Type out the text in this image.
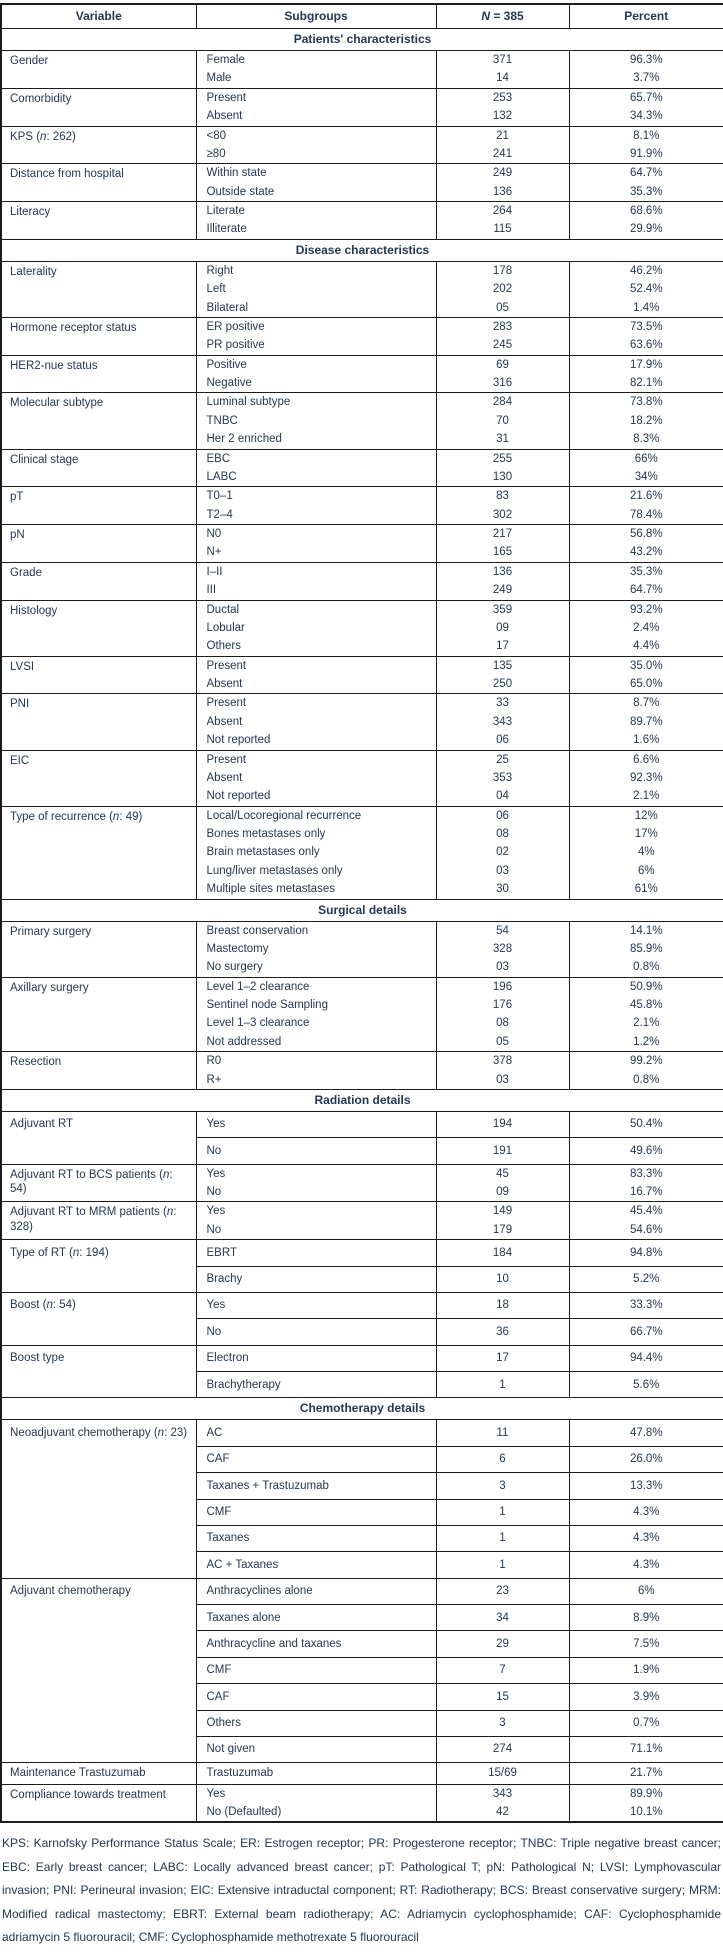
Variable	Subgroups	N = 385	Percent
Patients' characteristics			
Gender	Female	371	96.3%
	Male	14	3.7%
Comorbidity	Present	253	65.7%
	Absent	132	34.3%
KPS (n: 262)	<80	21	8.1%
	≥80	241	91.9%
Distance from hospital	Within state	249	64.7%
	Outside state	136	35.3%
Literacy	Literate	264	68.6%
	Illiterate	115	29.9%
Disease characteristics			
Laterality	Right	178	46.2%
	Left	202	52.4%
	Bilateral	05	1.4%
Hormone receptor status	ER positive	283	73.5%
	PR positive	245	63.6%
HER2-nue status	Positive	69	17.9%
	Negative	316	82.1%
Molecular subtype	Luminal subtype	284	73.8%
	TNBC	70	18.2%
	Her 2 enriched	31	8.3%
Clinical stage	EBC	255	66%
	LABC	130	34%
pT	T0–1	83	21.6%
	T2–4	302	78.4%
pN	N0	217	56.8%
	N+	165	43.2%
Grade	I–II	136	35.3%
	III	249	64.7%
Histology	Ductal	359	93.2%
	Lobular	09	2.4%
	Others	17	4.4%
LVSI	Present	135	35.0%
	Absent	250	65.0%
PNI	Present	33	8.7%
	Absent	343	89.7%
	Not reported	06	1.6%
EIC	Present	25	6.6%
	Absent	353	92.3%
	Not reported	04	2.1%
Type of recurrence (n: 49)	Local/Locoregional recurrence	06	12%
	Bones metastases only	08	17%
	Brain metastases only	02	4%
	Lung/liver metastases only	03	6%
	Multiple sites metastases	30	61%
Surgical details			
Primary surgery	Breast conservation	54	14.1%
	Mastectomy	328	85.9%
	No surgery	03	0.8%
Axillary surgery	Level 1–2 clearance	196	50.9%
	Sentinel node Sampling	176	45.8%
	Level 1–3 clearance	08	2.1%
	Not addressed	05	1.2%
Resection	R0	378	99.2%
	R+	03	0.8%
Radiation details			
Adjuvant RT	Yes	194	50.4%
	No	191	49.6%
Adjuvant RT to BCS patients (n: 54)	Yes	45	83.3%
	No	09	16.7%
Adjuvant RT to MRM patients (n: 328)	Yes	149	45.4%
	No	179	54.6%
Type of RT (n: 194)	EBRT	184	94.8%
	Brachy	10	5.2%
Boost (n: 54)	Yes	18	33.3%
	No	36	66.7%
Boost type	Electron	17	94.4%
	Brachytherapy	1	5.6%
Chemotherapy details			
Neoadjuvant chemotherapy (n: 23)	AC	11	47.8%
	CAF	6	26.0%
	Taxanes + Trastuzumab	3	13.3%
	CMF	1	4.3%
	Taxanes	1	4.3%
	AC + Taxanes	1	4.3%
Adjuvant chemotherapy	Anthracyclines alone	23	6%
	Taxanes alone	34	8.9%
	Anthracycline and taxanes	29	7.5%
	CMF	7	1.9%
	CAF	15	3.9%
	Others	3	0.7%
	Not given	274	71.1%
Maintenance Trastuzumab	Trastuzumab	15/69	21.7%
Compliance towards treatment	Yes	343	89.9%
	No (Defaulted)	42	10.1%
KPS: Karnofsky Performance Status Scale; ER: Estrogen receptor; PR: Progesterone receptor; TNBC: Triple negative breast cancer; EBC: Early breast cancer; LABC: Locally advanced breast cancer; pT: Pathological T; pN: Pathological N; LVSI: Lymphovascular invasion; PNI: Perineural invasion; EIC: Extensive intraductal component; RT: Radiotherapy; BCS: Breast conservative surgery; MRM: Modified radical mastectomy; EBRT: External beam radiotherapy; AC: Adriamycin cyclophosphamide; CAF: Cyclophosphamide adriamycin 5 fluorouracil; CMF: Cyclophosphamide methotrexate 5 fluorouracil
